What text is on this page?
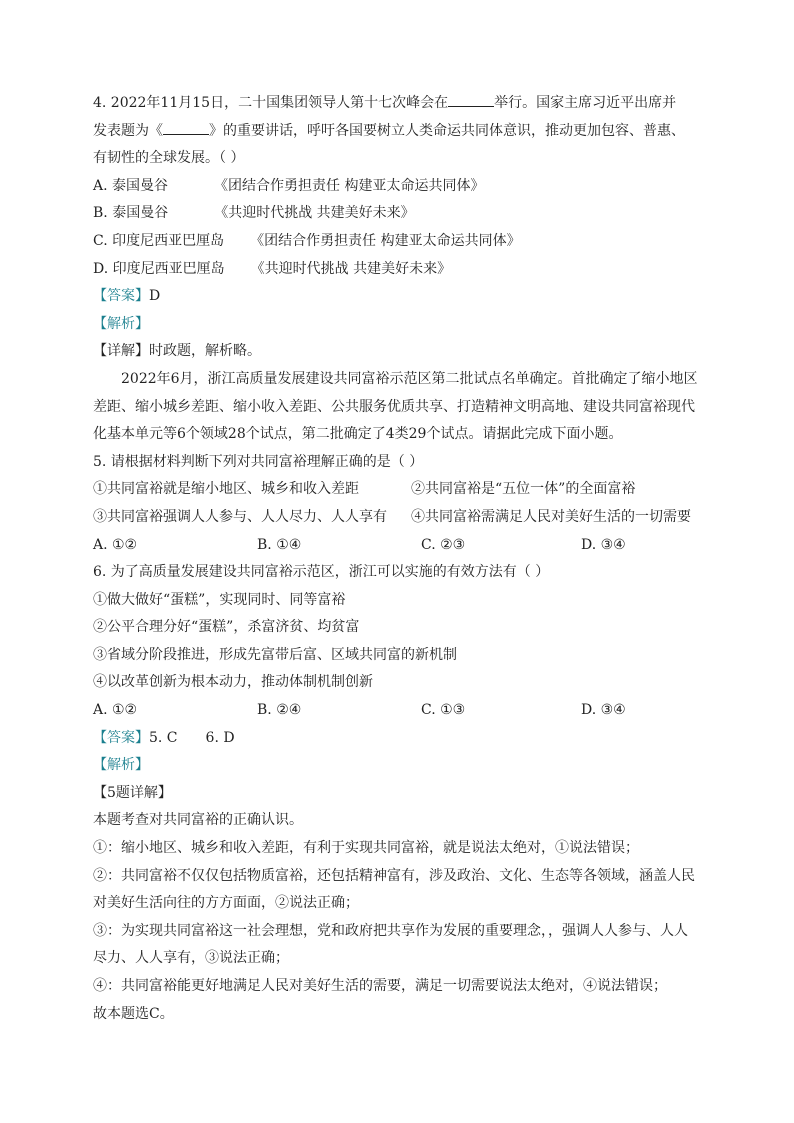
4. 2022年11月15日，二十国集团领导人第十七次峰会在	举行。国家主席习近平出席并
发表题为《	》的重要讲话，呼吁各国要树立人类命运共同体意识，推动更加包容、普惠、
有韧性的全球发展。（ ）
A. 泰国曼谷	《团结合作勇担责任 构建亚太命运共同体》
B. 泰国曼谷	《共迎时代挑战 共建美好未来》
C. 印度尼西亚巴厘岛 《团结合作勇担责任 构建亚太命运共同体》
D. 印度尼西亚巴厘岛 《共迎时代挑战 共建美好未来》
【答案】D
【解析】
【详解】时政题，解析略。
2022年6月，浙江高质量发展建设共同富裕示范区第二批试点名单确定。首批确定了缩小地区
差距、缩小城乡差距、缩小收入差距、公共服务优质共享、打造精神文明高地、建设共同富裕现代
化基本单元等6个领域28个试点，第二批确定了4类29个试点。请据此完成下面小题。
5. 请根据材料判断下列对共同富裕理解正确的是（ ）
①共同富裕就是缩小地区、城乡和收入差距	②共同富裕是“五位一体”的全面富裕
③共同富裕强调人人参与、人人尽力、人人享有 ④共同富裕需满足人民对美好生活的一切需要
A. ①②	B. ①④	C. ②③	D. ③④
6. 为了高质量发展建设共同富裕示范区，浙江可以实施的有效方法有（ ）
①做大做好“蛋糕”，实现同时、同等富裕
②公平合理分好“蛋糕”，杀富济贫、均贫富
③省域分阶段推进，形成先富带后富、区域共同富的新机制
④以改革创新为根本动力，推动体制机制创新
A. ①②	B. ②④	C. ①③	D. ③④
【答案】5. C 6. D
【解析】
【5题详解】
本题考查对共同富裕的正确认识。
①：缩小地区、城乡和收入差距，有利于实现共同富裕，就是说法太绝对，①说法错误；
②：共同富裕不仅仅包括物质富裕，还包括精神富有，涉及政治、文化、生态等各领域，涵盖人民
对美好生活向往的方方面面，②说法正确；
③：为实现共同富裕这一社会理想，党和政府把共享作为发展的重要理念，，强调人人参与、人人
尽力、人人享有，③说法正确；
④：共同富裕能更好地满足人民对美好生活的需要，满足一切需要说法太绝对，④说法错误；
故本题选C。
